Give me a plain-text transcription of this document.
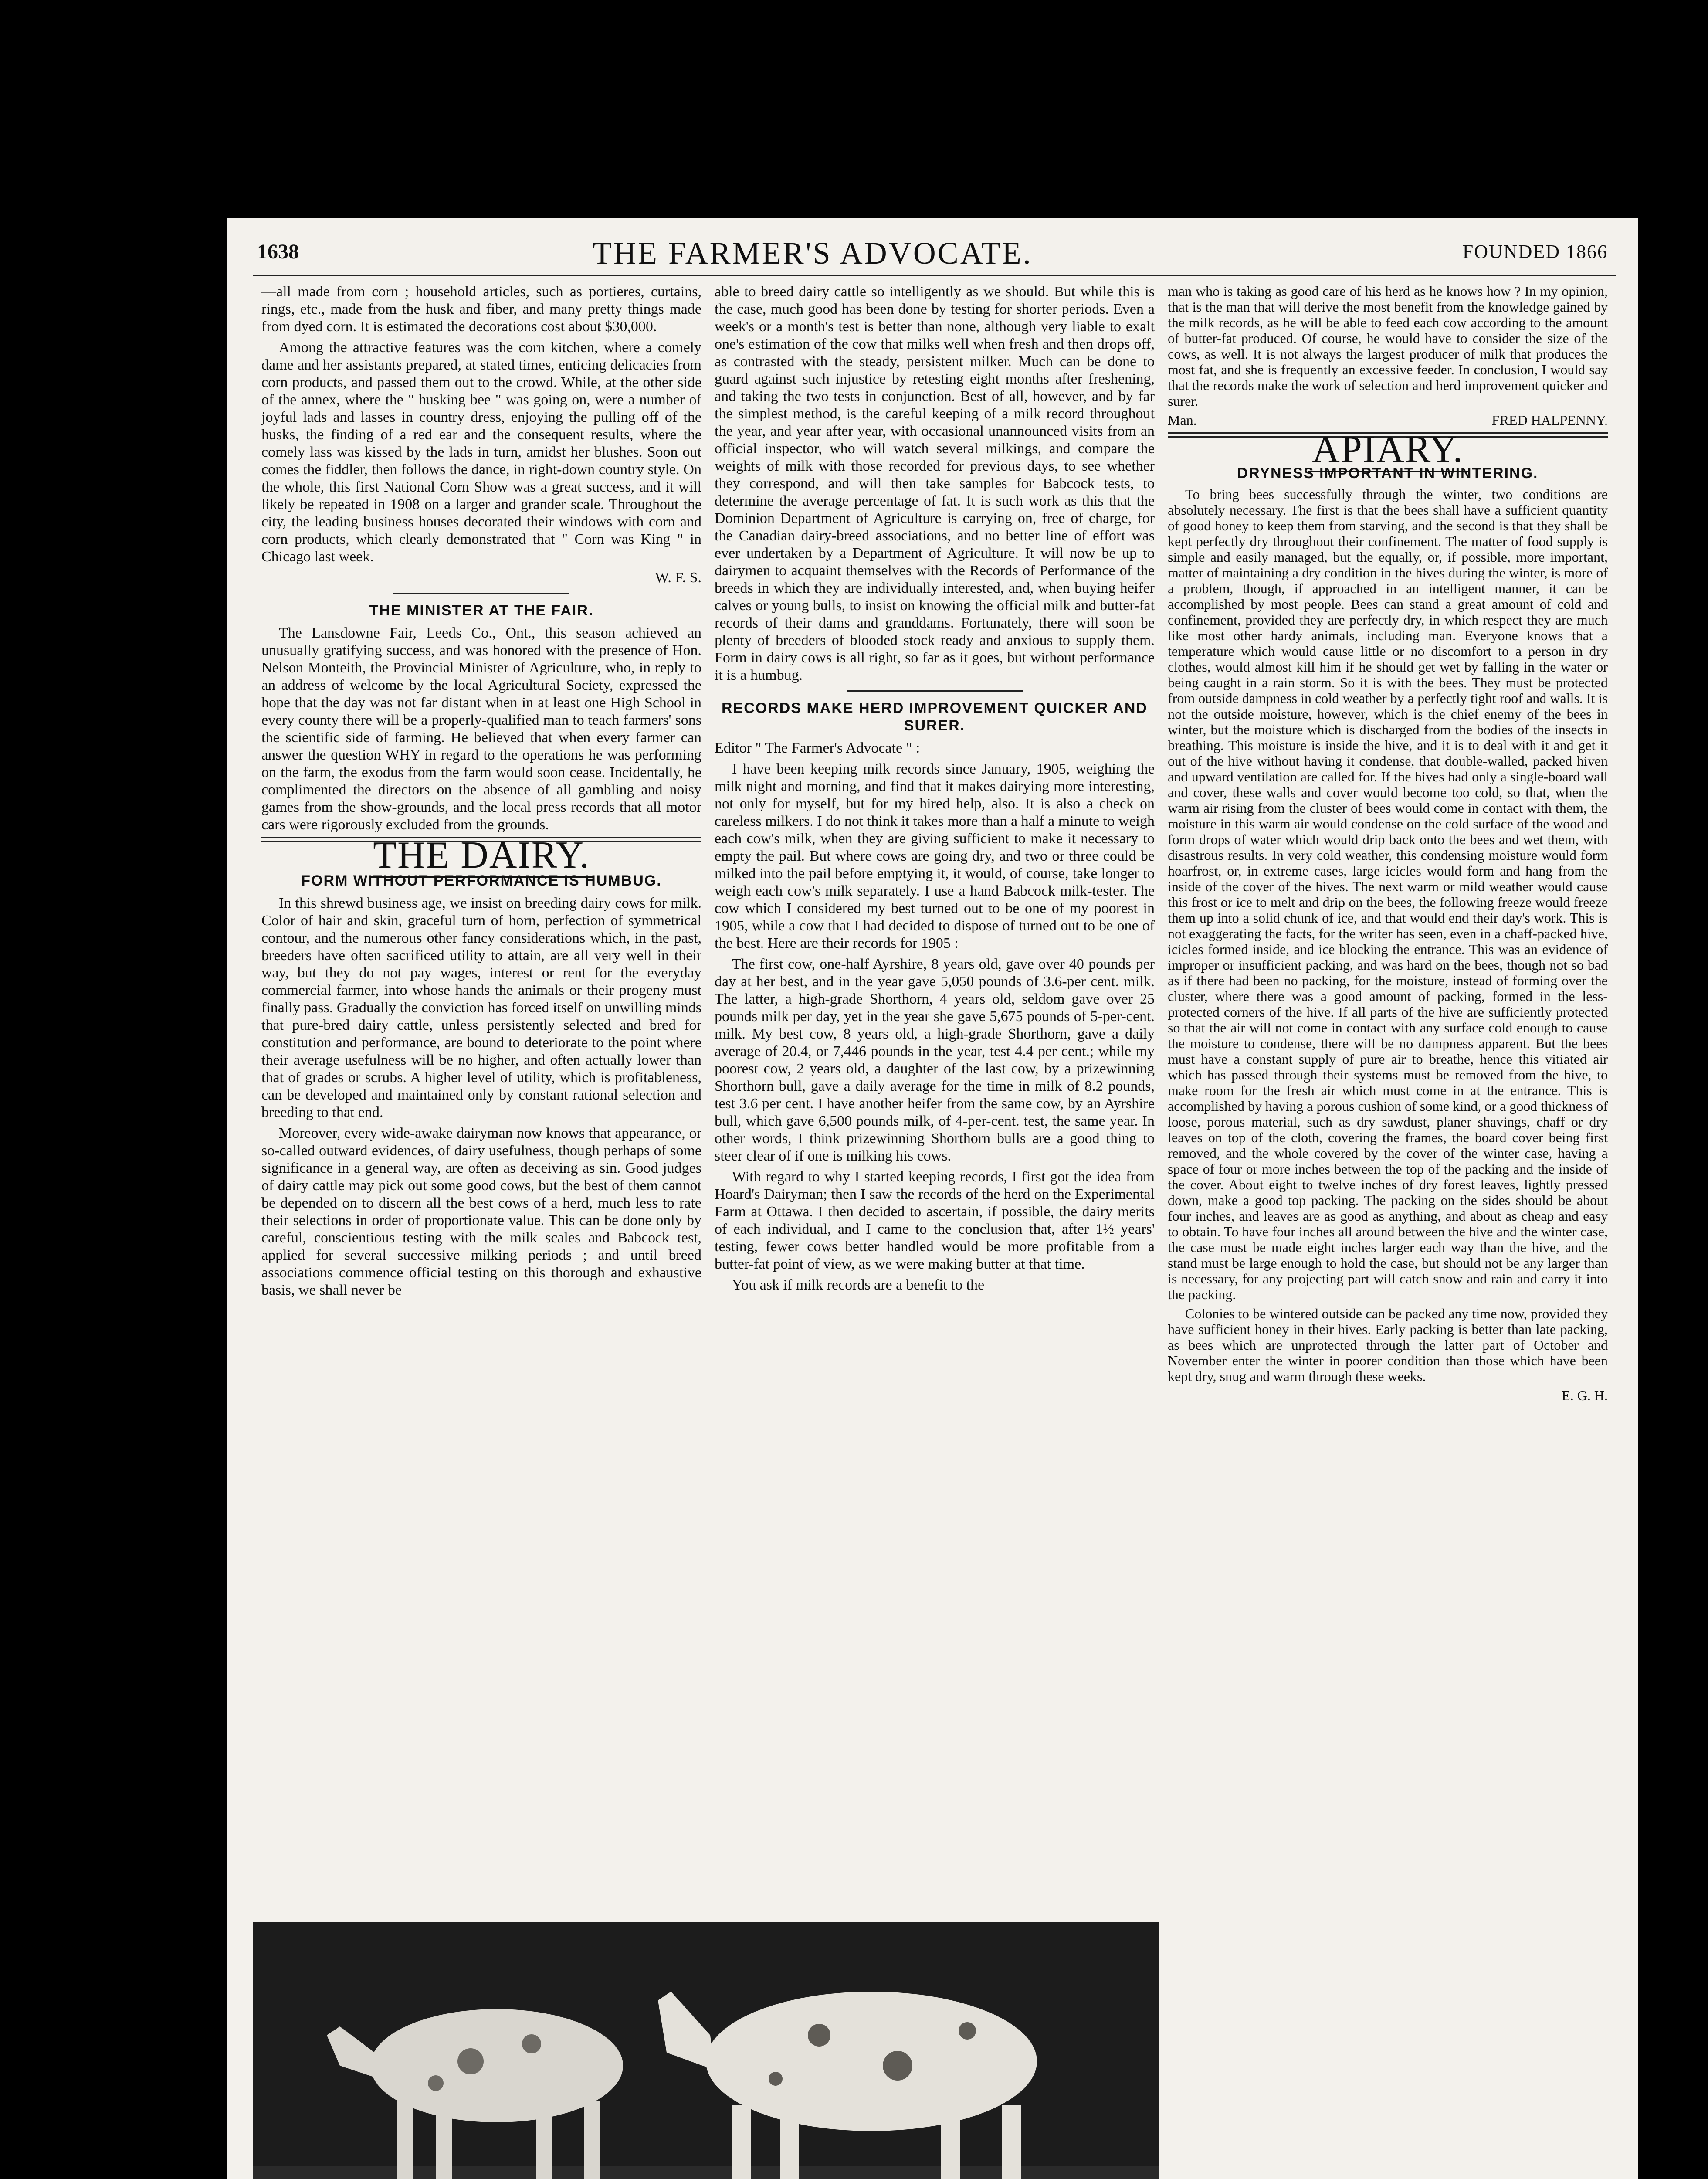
1638	THE FARMER'S ADVOCATE.	FOUNDED 1866

—all made from corn ; household articles, such as portieres, curtains, rings, etc., made from the husk and fiber, and many pretty things made from dyed corn. It is estimated the decorations cost about $30,000.

Among the attractive features was the corn kitchen, where a comely dame and her assistants prepared, at stated times, enticing delicacies from corn products, and passed them out to the crowd. While, at the other side of the annex, where the " husking bee " was going on, were a number of joyful lads and lasses in country dress, enjoying the pulling off of the husks, the finding of a red ear and the consequent results, where the comely lass was kissed by the lads in turn, amidst her blushes. Soon out comes the fiddler, then follows the dance, in right-down country style. On the whole, this first National Corn Show was a great success, and it will likely be repeated in 1908 on a larger and grander scale. Throughout the city, the leading business houses decorated their windows with corn and corn products, which clearly demonstrated that " Corn was King " in Chicago last week.

W. F. S.
THE MINISTER AT THE FAIR.

The Lansdowne Fair, Leeds Co., Ont., this season achieved an unusually gratifying success, and was honored with the presence of Hon. Nelson Monteith, the Provincial Minister of Agriculture, who, in reply to an address of welcome by the local Agricultural Society, expressed the hope that the day was not far distant when in at least one High School in every county there will be a properly-qualified man to teach farmers' sons the scientific side of farming. He believed that when every farmer can answer the question WHY in regard to the operations he was performing on the farm, the exodus from the farm would soon cease. Incidentally, he complimented the directors on the absence of all gambling and noisy games from the show-grounds, and the local press records that all motor cars were rigorously excluded from the grounds.

THE DAIRY.
FORM WITHOUT PERFORMANCE IS HUMBUG.

In this shrewd business age, we insist on breeding dairy cows for milk. Color of hair and skin, graceful turn of horn, perfection of symmetrical contour, and the numerous other fancy considerations which, in the past, breeders have often sacrificed utility to attain, are all very well in their way, but they do not pay wages, interest or rent for the everyday commercial farmer, into whose hands the animals or their progeny must finally pass. Gradually the conviction has forced itself on unwilling minds that pure-bred dairy cattle, unless persistently selected and bred for constitution and performance, are bound to deteriorate to the point where their average usefulness will be no higher, and often actually lower than that of grades or scrubs. A higher level of utility, which is profitableness, can be developed and maintained only by constant rational selection and breeding to that end.

Moreover, every wide-awake dairyman now knows that appearance, or so-called outward evidences, of dairy usefulness, though perhaps of some significance in a general way, are often as deceiving as sin. Good judges of dairy cattle may pick out some good cows, but the best of them cannot be depended on to discern all the best cows of a herd, much less to rate their selections in order of proportionate value. This can be done only by careful, conscientious testing with the milk scales and Babcock test, applied for several successive milking periods ; and until breed associations commence official testing on this thorough and exhaustive basis, we shall never be

able to breed dairy cattle so intelligently as we should. But while this is the case, much good has been done by testing for shorter periods. Even a week's or a month's test is better than none, although very liable to exalt one's estimation of the cow that milks well when fresh and then drops off, as contrasted with the steady, persistent milker. Much can be done to guard against such injustice by retesting eight months after freshening, and taking the two tests in conjunction. Best of all, however, and by far the simplest method, is the careful keeping of a milk record throughout the year, and year after year, with occasional unannounced visits from an official inspector, who will watch several milkings, and compare the weights of milk with those recorded for previous days, to see whether they correspond, and will then take samples for Babcock tests, to determine the average percentage of fat. It is such work as this that the Dominion Department of Agriculture is carrying on, free of charge, for the Canadian dairy-breed associations, and no better line of effort was ever undertaken by a Department of Agriculture. It will now be up to dairymen to acquaint themselves with the Records of Performance of the breeds in which they are individually interested, and, when buying heifer calves or young bulls, to insist on knowing the official milk and butter-fat records of their dams and granddams. Fortunately, there will soon be plenty of breeders of blooded stock ready and anxious to supply them. Form in dairy cows is all right, so far as it goes, but without performance it is a humbug.

RECORDS MAKE HERD IMPROVEMENT QUICKER AND SURER.

Editor " The Farmer's Advocate " :

I have been keeping milk records since January, 1905, weighing the milk night and morning, and find that it makes dairying more interesting, not only for myself, but for my hired help, also. It is also a check on careless milkers. I do not think it takes more than a half a minute to weigh each cow's milk, when they are giving sufficient to make it necessary to empty the pail. But where cows are going dry, and two or three could be milked into the pail before emptying it, it would, of course, take longer to weigh each cow's milk separately. I use a hand Babcock milk-tester. The cow which I considered my best turned out to be one of my poorest in 1905, while a cow that I had decided to dispose of turned out to be one of the best. Here are their records for 1905 :

The first cow, one-half Ayrshire, 8 years old, gave over 40 pounds per day at her best, and in the year gave 5,050 pounds of 3.6-per cent. milk. The latter, a high-grade Shorthorn, 4 years old, seldom gave over 25 pounds milk per day, yet in the year she gave 5,675 pounds of 5-per-cent. milk. My best cow, 8 years old, a high-grade Shorthorn, gave a daily average of 20.4, or 7,446 pounds in the year, test 4.4 per cent.; while my poorest cow, 2 years old, a daughter of the last cow, by a prizewinning Shorthorn bull, gave a daily average for the time in milk of 8.2 pounds, test 3.6 per cent. I have another heifer from the same cow, by an Ayrshire bull, which gave 6,500 pounds milk, of 4-per-cent. test, the same year. In other words, I think prizewinning Shorthorn bulls are a good thing to steer clear of if one is milking his cows.

With regard to why I started keeping records, I first got the idea from Hoard's Dairyman; then I saw the records of the herd on the Experimental Farm at Ottawa. I then decided to ascertain, if possible, the dairy merits of each individual, and I came to the conclusion that, after 1½ years' testing, fewer cows better handled would be more profitable from a butter-fat point of view, as we were making butter at that time.

You ask if milk records are a benefit to the

man who is taking as good care of his herd as he knows how ? In my opinion, that is the man that will derive the most benefit from the knowledge gained by the milk records, as he will be able to feed each cow according to the amount of butter-fat produced. Of course, he would have to consider the size of the cows, as well. It is not always the largest producer of milk that produces the most fat, and she is frequently an excessive feeder. In conclusion, I would say that the records make the work of selection and herd improvement quicker and surer.

Man.	FRED HALPENNY.
APIARY.
DRYNESS IMPORTANT IN WINTERING.

To bring bees successfully through the winter, two conditions are absolutely necessary. The first is that the bees shall have a sufficient quantity of good honey to keep them from starving, and the second is that they shall be kept perfectly dry throughout their confinement. The matter of food supply is simple and easily managed, but the equally, or, if possible, more important, matter of maintaining a dry condition in the hives during the winter, is more of a problem, though, if approached in an intelligent manner, it can be accomplished by most people. Bees can stand a great amount of cold and confinement, provided they are perfectly dry, in which respect they are much like most other hardy animals, including man. Everyone knows that a temperature which would cause little or no discomfort to a person in dry clothes, would almost kill him if he should get wet by falling in the water or being caught in a rain storm. So it is with the bees. They must be protected from outside dampness in cold weather by a perfectly tight roof and walls. It is not the outside moisture, however, which is the chief enemy of the bees in winter, but the moisture which is discharged from the bodies of the insects in breathing. This moisture is inside the hive, and it is to deal with it and get it out of the hive without having it condense, that double-walled, packed hiven and upward ventilation are called for. If the hives had only a single-board wall and cover, these walls and cover would become too cold, so that, when the warm air rising from the cluster of bees would come in contact with them, the moisture in this warm air would condense on the cold surface of the wood and form drops of water which would drip back onto the bees and wet them, with disastrous results. In very cold weather, this condensing moisture would form hoarfrost, or, in extreme cases, large icicles would form and hang from the inside of the cover of the hives. The next warm or mild weather would cause this frost or ice to melt and drip on the bees, the following freeze would freeze them up into a solid chunk of ice, and that would end their day's work. This is not exaggerating the facts, for the writer has seen, even in a chaff-packed hive, icicles formed inside, and ice blocking the entrance. This was an evidence of improper or insufficient packing, and was hard on the bees, though not so bad as if there had been no packing, for the moisture, instead of forming over the cluster, where there was a good amount of packing, formed in the less-protected corners of the hive. If all parts of the hive are sufficiently protected so that the air will not come in contact with any surface cold enough to cause the moisture to condense, there will be no dampness apparent. But the bees must have a constant supply of pure air to breathe, hence this vitiated air which has passed through their systems must be removed from the hive, to make room for the fresh air which must come in at the entrance. This is accomplished by having a porous cushion of some kind, or a good thickness of loose, porous material, such as dry sawdust, planer shavings, chaff or dry leaves on top of the cloth, covering the frames, the board cover being first removed, and the whole covered by the cover of the winter case, having a space of four or more inches between the top of the packing and the inside of the cover. About eight to twelve inches of dry forest leaves, lightly pressed down, make a good top packing. The packing on the sides should be about four inches, and leaves are as good as anything, and about as cheap and easy to obtain. To have four inches all around between the hive and the winter case, the case must be made eight inches larger each way than the hive, and the stand must be large enough to hold the case, but should not be any larger than is necessary, for any projecting part will catch snow and rain and carry it into the packing.

Colonies to be wintered outside can be packed any time now, provided they have sufficient honey in their hives. Early packing is better than late packing, as bees which are unprotected through the latter part of October and November enter the winter in poorer condition than those which have been kept dry, snug and warm through these weeks.

E. G. H.
